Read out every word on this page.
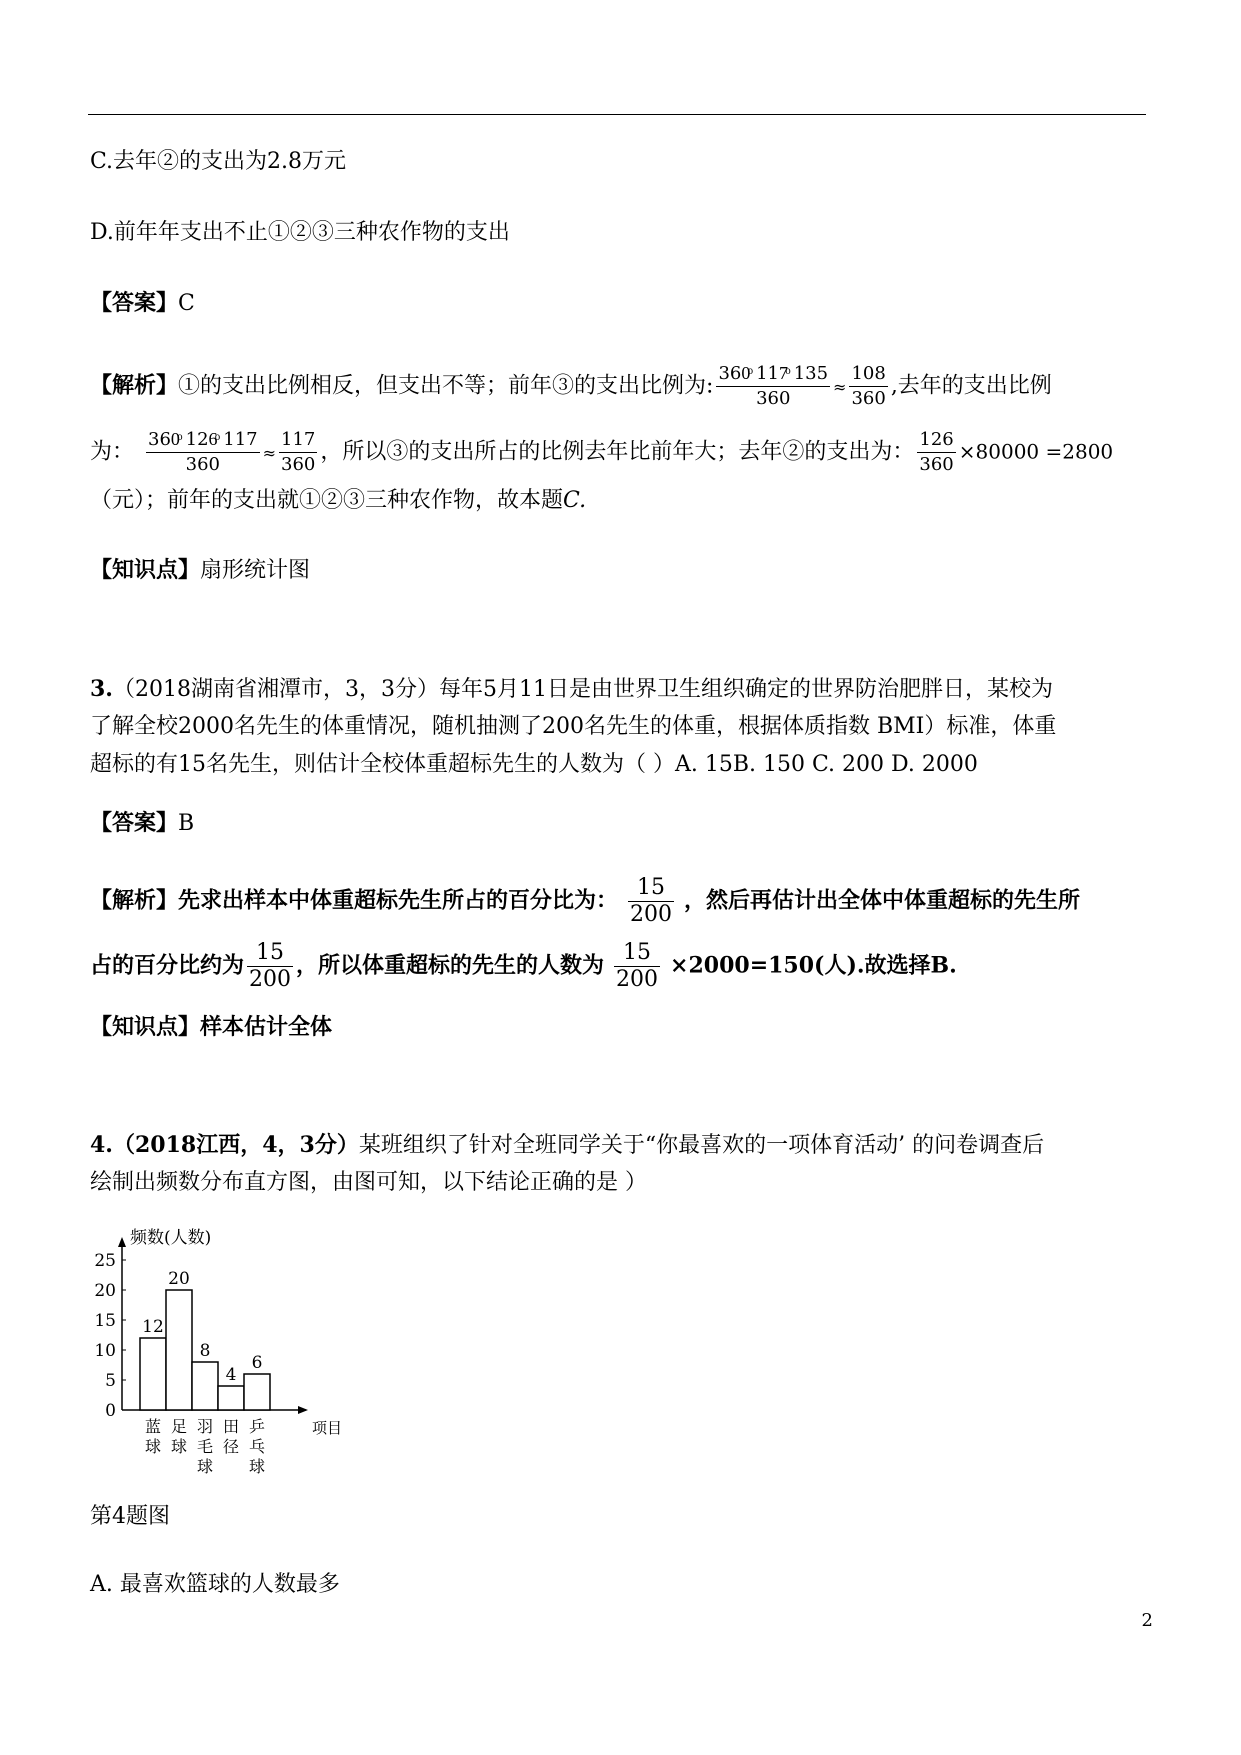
C.去年②的支出为2.8万元
D.前年年支出不止①②③三种农作物的支出
【答案】C
【解析】①的支出比例相反，但支出不等；前年③的支出比例为: $\frac{360ͦ 117ͦ 135}{360} \approx \frac{108}{360}$ ,去年的支出比例
为： $\frac{360ͦ 126ͦ 117}{360} \approx \frac{117}{360}$ ，所以③的支出所占的比例去年比前年大；去年②的支出为： $\frac{126}{360} \times 80000 =2800$
（元）；前年的支出就①②③三种农作物，故本题C.
【知识点】扇形统计图
3.（2018湖南省湘潭市，3，3分）每年5月11日是由世界卫生组织确定的世界防治肥胖日，某校为
了解全校2000名先生的体重情况，随机抽测了200名先生的体重，根据体质指数 BMI）标准，体重
超标的有15名先生，则估计全校体重超标先生的人数为（ ）A. 15B. 150 C. 200 D. 2000
【答案】B
【解析】先求出样本中体重超标先生所占的百分比为： $\frac{15}{200}$ ，然后再估计出全体中体重超标的先生所
占的百分比约为 $\frac{15}{200}$ ，所以体重超标的先生的人数为 $\frac{15}{200} \times 2000=150$(人).故选择B.
【知识点】样本估计全体
4.（2018江西，4，3分）某班组织了针对全班同学关于“你最喜欢的一项体育活动’ 的问卷调查后
绘制出频数分布直方图，由图可知，以下结论正确的是 ）
频数(人数)
项目
0
5
10
15
20
25
12
蓝
球
20
足
球
8
羽
毛
球
4
田
径
6
乒
乓
球
第4题图
A. 最喜欢篮球的人数最多
2
